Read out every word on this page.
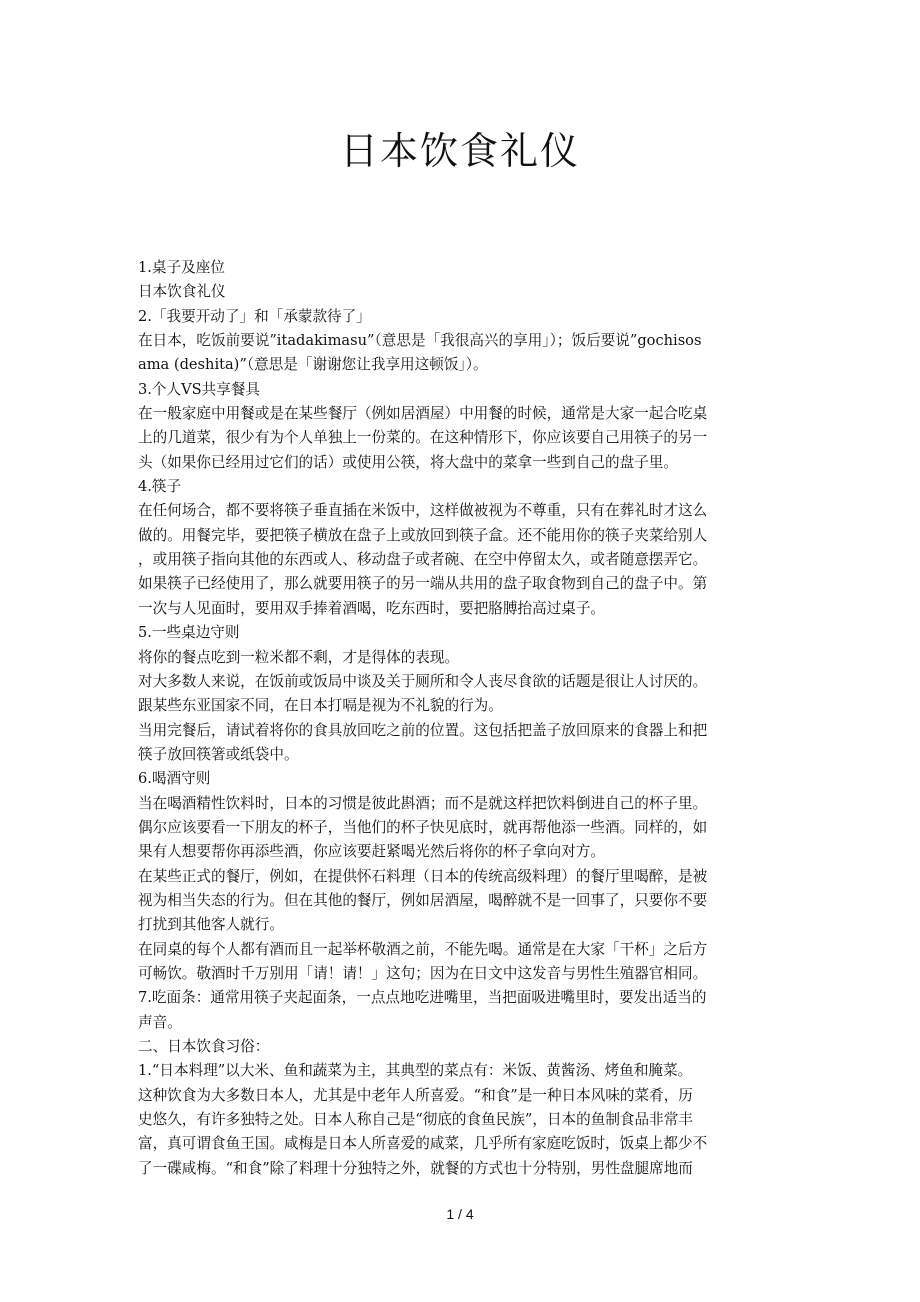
日本饮食礼仪
1.桌子及座位
日本饮食礼仪
2.「我要开动了」和「承蒙款待了」
在日本，吃饭前要说”itadakimasu”（意思是「我很高兴的享用」）；饭后要说”gochisos
ama (deshita)”（意思是「谢谢您让我享用这顿饭」）。
3.个人VS共享餐具
在一般家庭中用餐或是在某些餐厅（例如居酒屋）中用餐的时候，通常是大家一起合吃桌
上的几道菜，很少有为个人单独上一份菜的。在这种情形下，你应该要自己用筷子的另一
头（如果你已经用过它们的话）或使用公筷，将大盘中的菜拿一些到自己的盘子里。
4.筷子
在任何场合，都不要将筷子垂直插在米饭中，这样做被视为不尊重，只有在葬礼时才这么
做的。用餐完毕，要把筷子横放在盘子上或放回到筷子盒。还不能用你的筷子夹菜给别人
，或用筷子指向其他的东西或人、移动盘子或者碗、在空中停留太久，或者随意摆弄它。
如果筷子已经使用了，那么就要用筷子的另一端从共用的盘子取食物到自己的盘子中。第
一次与人见面时，要用双手捧着酒喝，吃东西时，要把胳膊抬高过桌子。
5.一些桌边守则
将你的餐点吃到一粒米都不剩，才是得体的表现。
对大多数人来说，在饭前或饭局中谈及关于厕所和令人丧尽食欲的话题是很让人讨厌的。
跟某些东亚国家不同，在日本打嗝是视为不礼貌的行为。
当用完餐后，请试着将你的食具放回吃之前的位置。这包括把盖子放回原来的食器上和把
筷子放回筷箸或纸袋中。
6.喝酒守则
当在喝酒精性饮料时，日本的习惯是彼此斟酒；而不是就这样把饮料倒进自己的杯子里。
偶尔应该要看一下朋友的杯子，当他们的杯子快见底时，就再帮他添一些酒。同样的，如
果有人想要帮你再添些酒，你应该要赶紧喝光然后将你的杯子拿向对方。
在某些正式的餐厅，例如，在提供怀石料理（日本的传统高级料理）的餐厅里喝醉，是被
视为相当失态的行为。但在其他的餐厅，例如居酒屋，喝醉就不是一回事了，只要你不要
打扰到其他客人就行。
在同桌的每个人都有酒而且一起举杯敬酒之前，不能先喝。通常是在大家「干杯」之后方
可畅饮。敬酒时千万别用「请！请！」这句；因为在日文中这发音与男性生殖器官相同。
7.吃面条：通常用筷子夹起面条，一点点地吃进嘴里，当把面吸进嘴里时，要发出适当的
声音。
二、日本饮食习俗：
1.“日本料理”以大米、鱼和蔬菜为主，其典型的菜点有：米饭、黄酱汤、烤鱼和腌菜。
这种饮食为大多数日本人，尤其是中老年人所喜爱。“和食”是一种日本风味的菜肴，历
史悠久，有许多独特之处。日本人称自己是“彻底的食鱼民族”，日本的鱼制食品非常丰
富，真可谓食鱼王国。咸梅是日本人所喜爱的咸菜，几乎所有家庭吃饭时，饭桌上都少不
了一碟咸梅。“和食”除了料理十分独特之外，就餐的方式也十分特别，男性盘腿席地而
1 / 4
